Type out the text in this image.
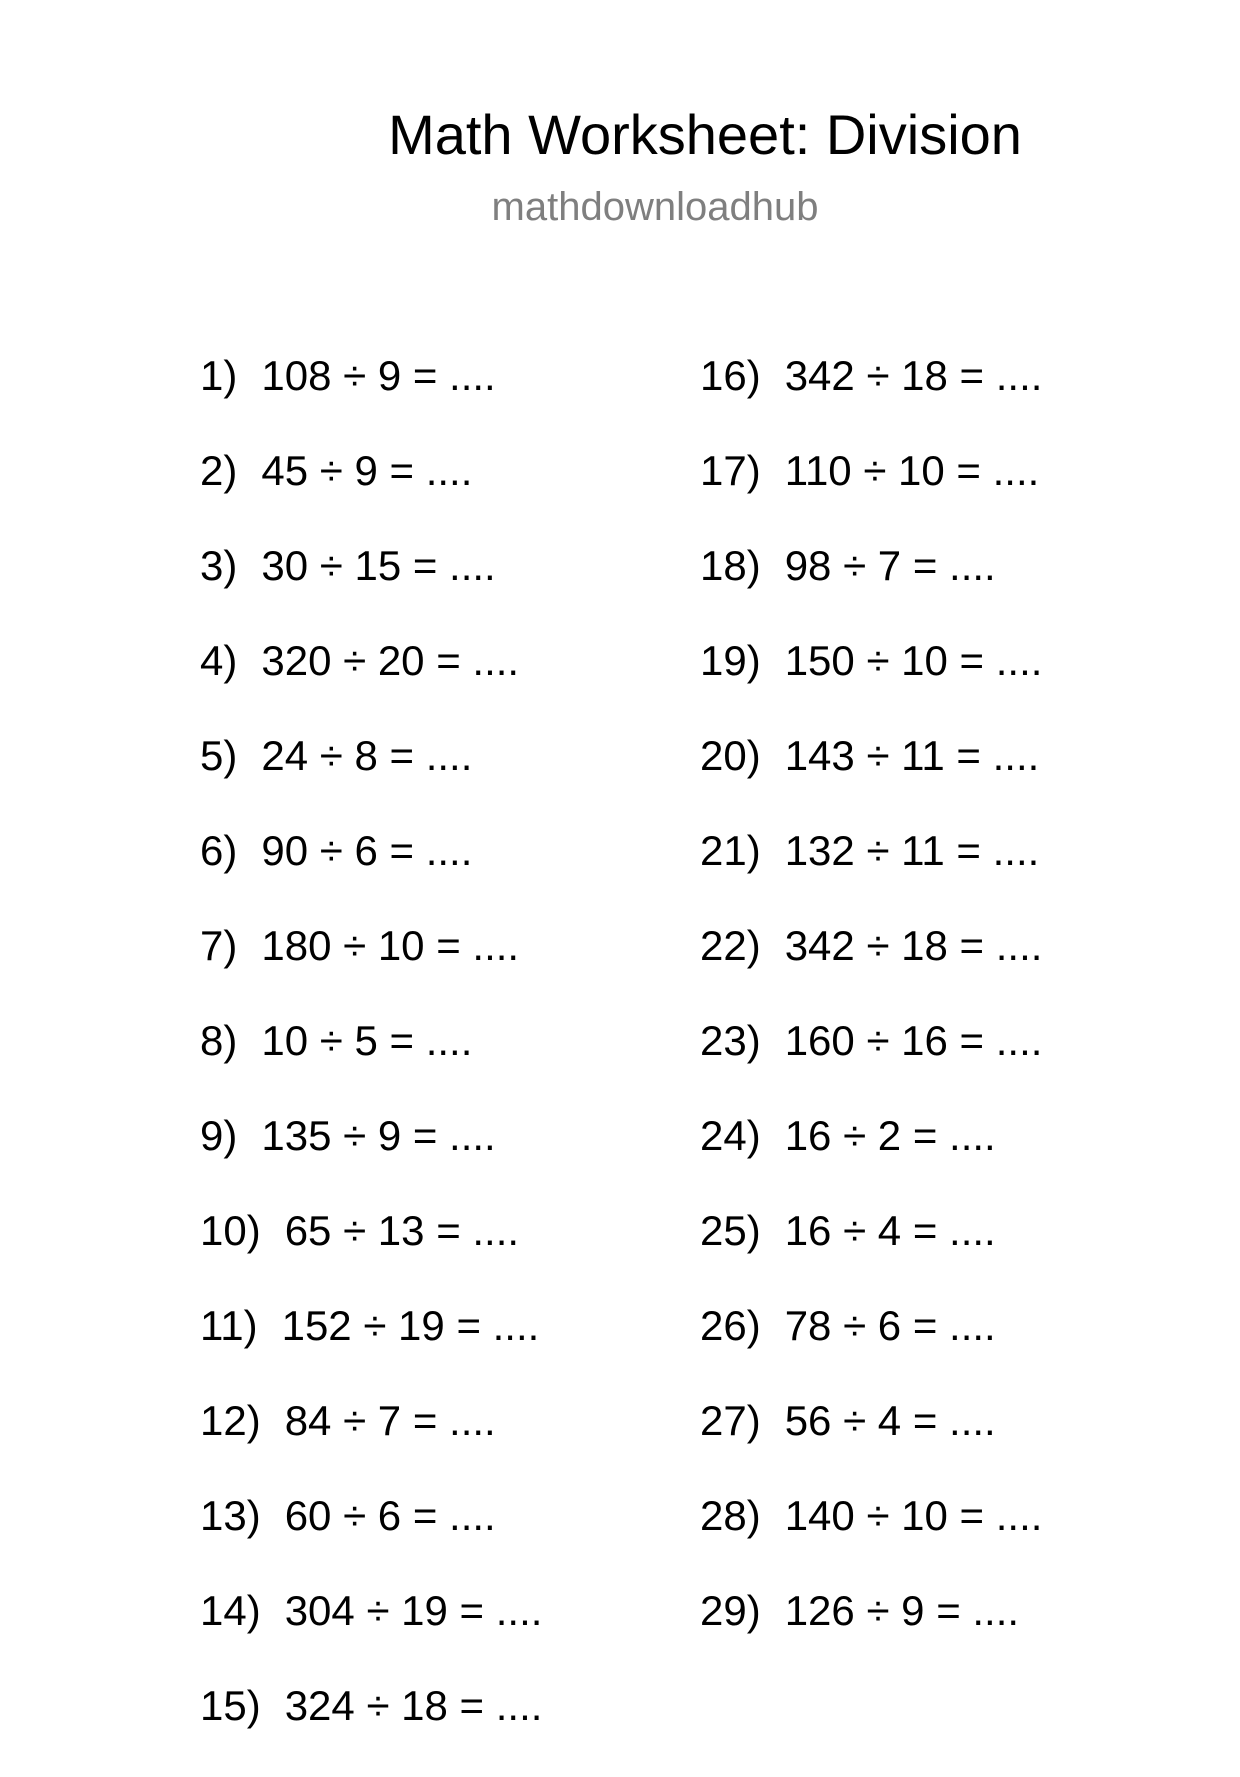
Math Worksheet: Division
mathdownloadhub
1) 108 ÷ 9 = ....
2) 45 ÷ 9 = ....
3) 30 ÷ 15 = ....
4) 320 ÷ 20 = ....
5) 24 ÷ 8 = ....
6) 90 ÷ 6 = ....
7) 180 ÷ 10 = ....
8) 10 ÷ 5 = ....
9) 135 ÷ 9 = ....
10) 65 ÷ 13 = ....
11) 152 ÷ 19 = ....
12) 84 ÷ 7 = ....
13) 60 ÷ 6 = ....
14) 304 ÷ 19 = ....
15) 324 ÷ 18 = ....
16) 342 ÷ 18 = ....
17) 110 ÷ 10 = ....
18) 98 ÷ 7 = ....
19) 150 ÷ 10 = ....
20) 143 ÷ 11 = ....
21) 132 ÷ 11 = ....
22) 342 ÷ 18 = ....
23) 160 ÷ 16 = ....
24) 16 ÷ 2 = ....
25) 16 ÷ 4 = ....
26) 78 ÷ 6 = ....
27) 56 ÷ 4 = ....
28) 140 ÷ 10 = ....
29) 126 ÷ 9 = ....
